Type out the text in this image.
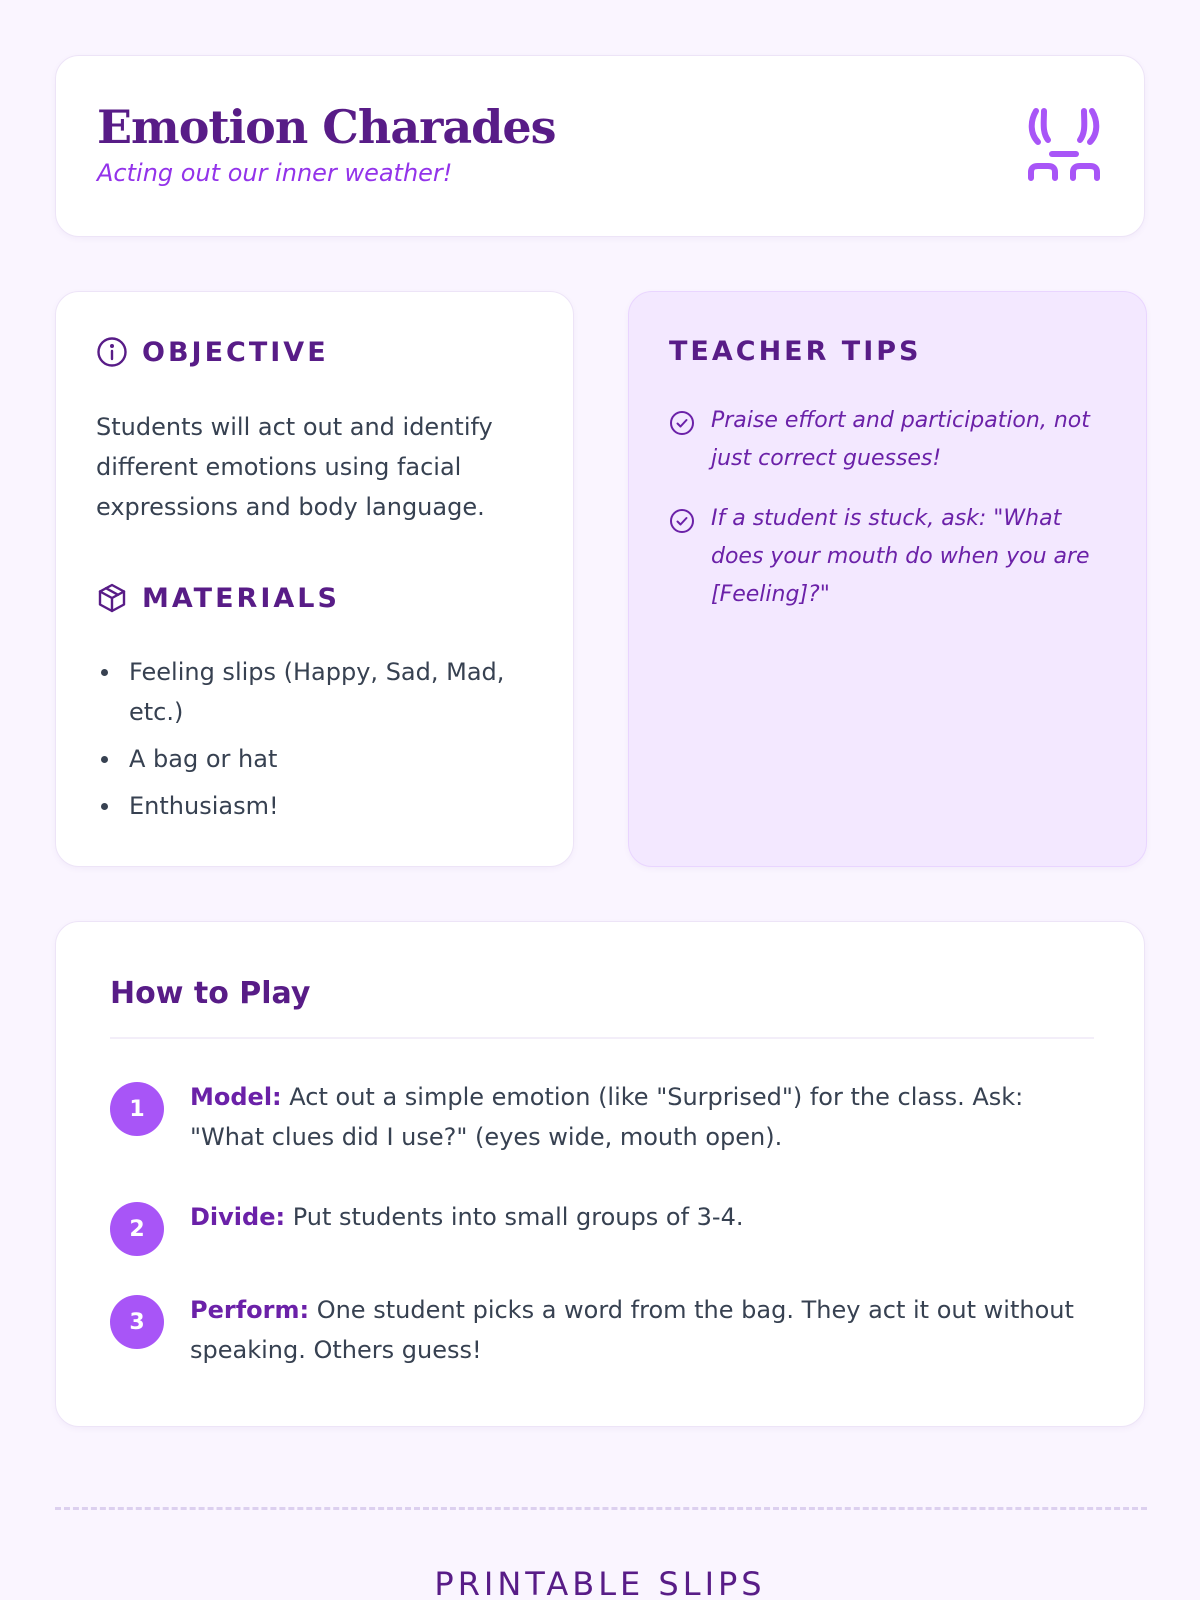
Emotion Charades
Acting out our inner weather!
OBJECTIVE
Students will act out and identify different emotions using facial expressions and body language.
MATERIALS
Feeling slips (Happy, Sad, Mad, etc.)
A bag or hat
Enthusiasm!
TEACHER TIPS
Praise effort and participation, not just correct guesses!
If a student is stuck, ask: "What does your mouth do when you are [Feeling]?"
How to Play
1	Model: Act out a simple emotion (like "Surprised") for the class. Ask: "What clues did I use?" (eyes wide, mouth open).
2	Divide: Put students into small groups of 3-4.
3	Perform: One student picks a word from the bag. They act it out without speaking. Others guess!
PRINTABLE SLIPS
